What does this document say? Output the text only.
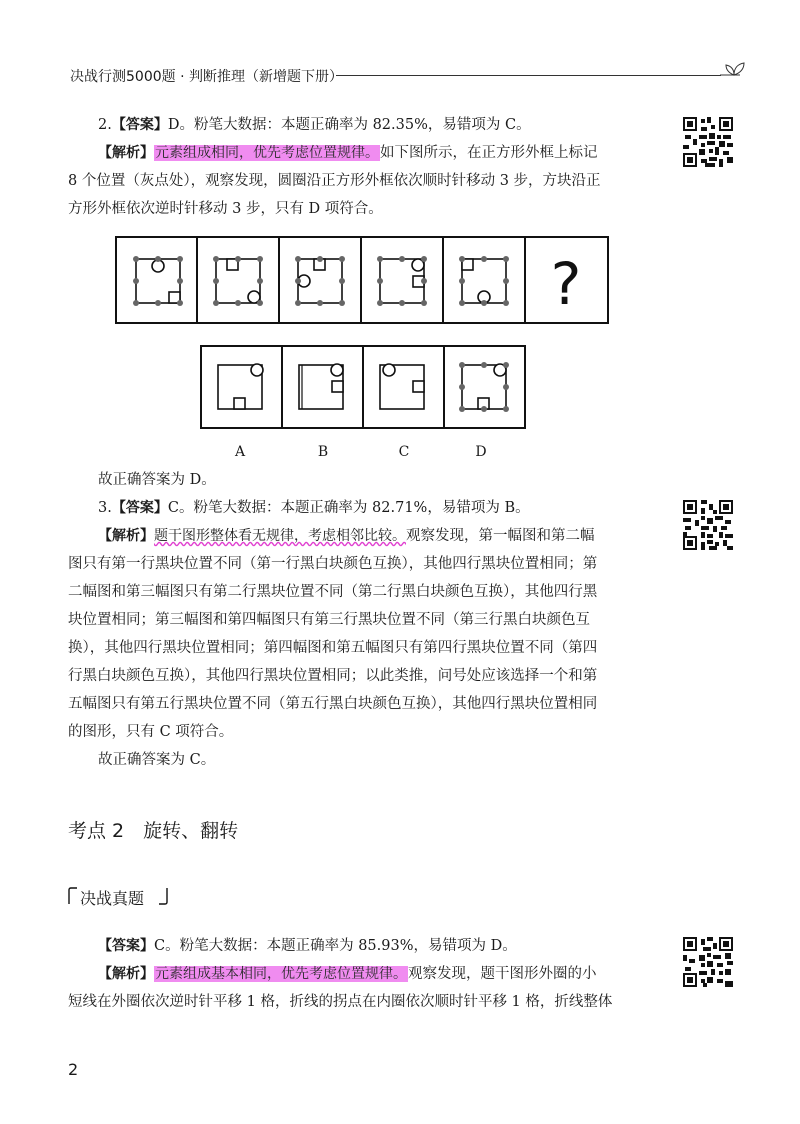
决战行测5000题 · 判断推理（新增题下册）
2.【答案】D。粉笔大数据：本题正确率为 82.35%，易错项为 C。
【解析】元素组成相同，优先考虑位置规律。如下图所示，在正方形外框上标记
8 个位置（灰点处），观察发现，圆圈沿正方形外框依次顺时针移动 3 步，方块沿正
方形外框依次逆时针移动 3 步，只有 D 项符合。
?
A	B	C	D
故正确答案为 D。
3.【答案】C。粉笔大数据：本题正确率为 82.71%，易错项为 B。
【解析】题干图形整体看无规律，考虑相邻比较。观察发现，第一幅图和第二幅
图只有第一行黑块位置不同（第一行黑白块颜色互换），其他四行黑块位置相同；第
二幅图和第三幅图只有第二行黑块位置不同（第二行黑白块颜色互换），其他四行黑
块位置相同；第三幅图和第四幅图只有第三行黑块位置不同（第三行黑白块颜色互
换），其他四行黑块位置相同；第四幅图和第五幅图只有第四行黑块位置不同（第四
行黑白块颜色互换），其他四行黑块位置相同；以此类推，问号处应该选择一个和第
五幅图只有第五行黑块位置不同（第五行黑白块颜色互换），其他四行黑块位置相同
的图形，只有 C 项符合。
故正确答案为 C。
考点 2　旋转、翻转
决战真题
【答案】C。粉笔大数据：本题正确率为 85.93%，易错项为 D。
【解析】元素组成基本相同，优先考虑位置规律。观察发现，题干图形外圈的小
短线在外圈依次逆时针平移 1 格，折线的拐点在内圈依次顺时针平移 1 格，折线整体
2
